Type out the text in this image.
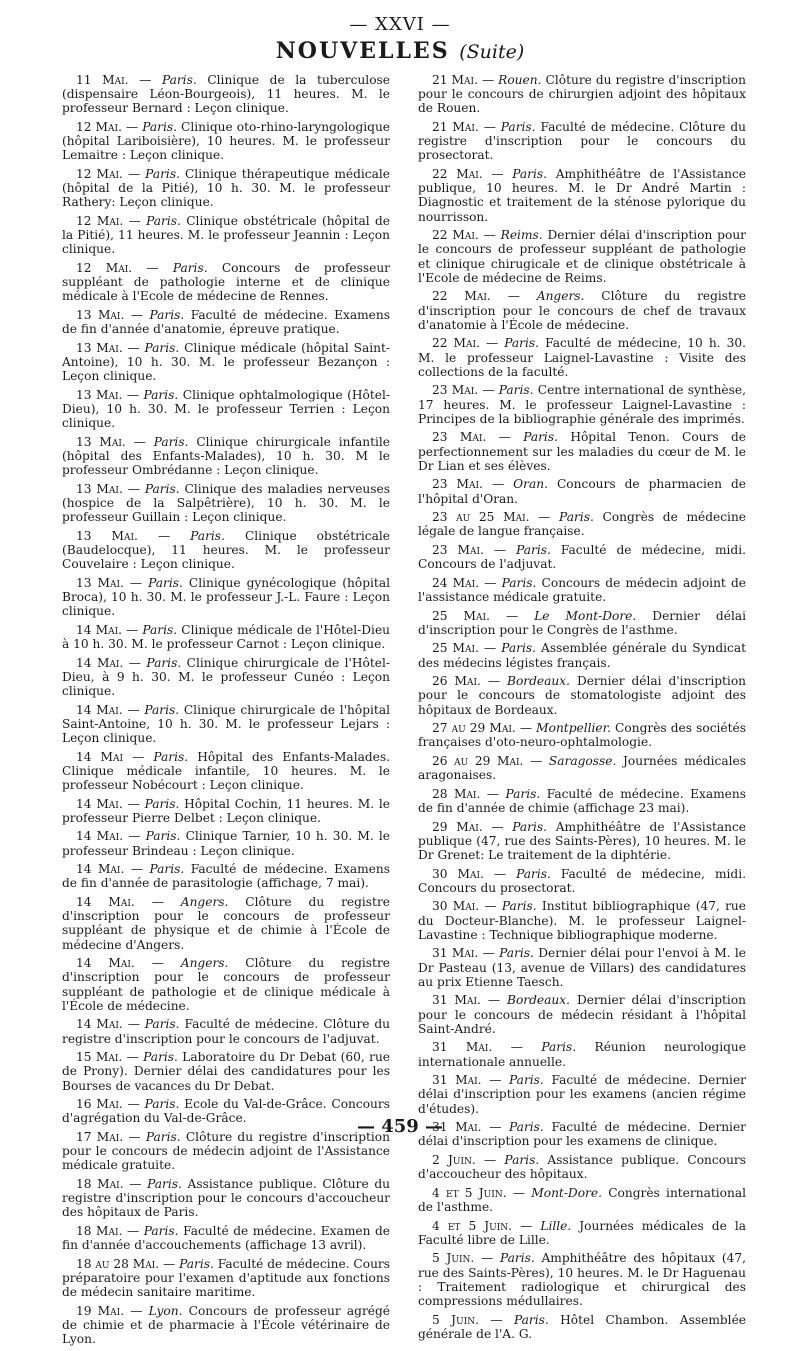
— XXVI —
NOUVELLES (Suite)

11 Mai. — Paris. Clinique de la tuberculose (dispensaire Léon-Bourgeois), 11 heures. M. le professeur Bernard : Leçon clinique.

12 Mai. — Paris. Clinique oto-rhino-laryngologique (hôpital Lariboisière), 10 heures. M. le professeur Lemaitre : Leçon clinique.

12 Mai. — Paris. Clinique thérapeutique médicale (hôpital de la Pitié), 10 h. 30. M. le professeur Rathery: Leçon clinique.

12 Mai. — Paris. Clinique obstétricale (hôpital de la Pitié), 11 heures. M. le professeur Jeannin : Leçon clinique.

12 Mai. — Paris. Concours de professeur suppléant de pathologie interne et de clinique médicale à l'Ecole de médecine de Rennes.

13 Mai. — Paris. Faculté de médecine. Examens de fin d'année d'anatomie, épreuve pratique.

13 Mai. — Paris. Clinique médicale (hôpital Saint-Antoine), 10 h. 30. M. le professeur Bezançon : Leçon clinique.

13 Mai. — Paris. Clinique ophtalmologique (Hôtel-Dieu), 10 h. 30. M. le professeur Terrien : Leçon clinique.

13 Mai. — Paris. Clinique chirurgicale infantile (hôpital des Enfants-Malades), 10 h. 30. M le professeur Ombrédanne : Leçon clinique.

13 Mai. — Paris. Clinique des maladies nerveuses (hospice de la Salpêtrière), 10 h. 30. M. le professeur Guillain : Leçon clinique.

13 Mai. — Paris. Clinique obstétricale (Baudelocque), 11 heures. M. le professeur Couvelaire : Leçon clinique.

13 Mai. — Paris. Clinique gynécologique (hôpital Broca), 10 h. 30. M. le professeur J.-L. Faure : Leçon clinique.

14 Mai. — Paris. Clinique médicale de l'Hôtel-Dieu à 10 h. 30. M. le professeur Carnot : Leçon clinique.

14 Mai. — Paris. Clinique chirurgicale de l'Hôtel-Dieu, à 9 h. 30. M. le professeur Cunéo : Leçon clinique.

14 Mai. — Paris. Clinique chirurgicale de l'hôpital Saint-Antoine, 10 h. 30. M. le professeur Lejars : Leçon clinique.

14 Mai — Paris. Hôpital des Enfants-Malades. Clinique médicale infantile, 10 heures. M. le professeur Nobécourt : Leçon clinique.

14 Mai. — Paris. Hôpital Cochin, 11 heures. M. le professeur Pierre Delbet : Leçon clinique.

14 Mai. — Paris. Clinique Tarnier, 10 h. 30. M. le professeur Brindeau : Leçon clinique.

14 Mai. — Paris. Faculté de médecine. Examens de fin d'année de parasitologie (affichage, 7 mai).

14 Mai. — Angers. Clôture du registre d'inscription pour le concours de professeur suppléant de physique et de chimie à l'École de médecine d'Angers.

14 Mai. — Angers. Clôture du registre d'inscription pour le concours de professeur suppléant de pathologie et de clinique médicale à l'École de médecine.

14 Mai. — Paris. Faculté de médecine. Clôture du registre d'inscription pour le concours de l'adjuvat.

15 Mai. — Paris. Laboratoire du Dr Debat (60, rue de Prony). Dernier délai des candidatures pour les Bourses de vacances du Dr Debat.

16 Mai. — Paris. Ecole du Val-de-Grâce. Concours d'agrégation du Val-de-Grâce.

17 Mai. — Paris. Clôture du registre d'inscription pour le concours de médecin adjoint de l'Assistance médicale gratuite.

18 Mai. — Paris. Assistance publique. Clôture du registre d'inscription pour le concours d'accoucheur des hôpitaux de Paris.

18 Mai. — Paris. Faculté de médecine. Examen de fin d'année d'accouchements (affichage 13 avril).

18 au 28 Mai. — Paris. Faculté de médecine. Cours préparatoire pour l'examen d'aptitude aux fonctions de médecin sanitaire maritime.

19 Mai. — Lyon. Concours de professeur agrégé de chimie et de pharmacie à l'École vétérinaire de Lyon.

21 Mai. — Rouen. Clôture du registre d'inscription pour le concours de chirurgien adjoint des hôpitaux de Rouen.

21 Mai. — Paris. Faculté de médecine. Clôture du registre d'inscription pour le concours du prosectorat.

22 Mai. — Paris. Amphithéâtre de l'Assistance publique, 10 heures. M. le Dr André Martin : Diagnostic et traitement de la sténose pylorique du nourrisson.

22 Mai. — Reims. Dernier délai d'inscription pour le concours de professeur suppléant de pathologie et clinique chirugicale et de clinique obstétricale à l'Ecole de médecine de Reims.

22 Mai. — Angers. Clôture du registre d'inscription pour le concours de chef de travaux d'anatomie à l'École de médecine.

22 Mai. — Paris. Faculté de médecine, 10 h. 30. M. le professeur Laignel-Lavastine : Visite des collections de la faculté.

23 Mai. — Paris. Centre international de synthèse, 17 heures. M. le professeur Laignel-Lavastine : Principes de la bibliographie générale des imprimés.

23 Mai. — Paris. Hôpital Tenon. Cours de perfectionnement sur les maladies du cœur de M. le Dr Lian et ses élèves.

23 Mai. — Oran. Concours de pharmacien de l'hôpital d'Oran.

23 au 25 Mai. — Paris. Congrès de médecine légale de langue française.

23 Mai. — Paris. Faculté de médecine, midi. Concours de l'adjuvat.

24 Mai. — Paris. Concours de médecin adjoint de l'assistance médicale gratuite.

25 Mai. — Le Mont-Dore. Dernier délai d'inscription pour le Congrès de l'asthme.

25 Mai. — Paris. Assemblée générale du Syndicat des médecins légistes français.

26 Mai. — Bordeaux. Dernier délai d'inscription pour le concours de stomatologiste adjoint des hôpitaux de Bordeaux.

27 au 29 Mai. — Montpellier. Congrès des sociétés françaises d'oto-neuro-ophtalmologie.

26 au 29 Mai. — Saragosse. Journées médicales aragonaises.

28 Mai. — Paris. Faculté de médecine. Examens de fin d'année de chimie (affichage 23 mai).

29 Mai. — Paris. Amphithéâtre de l'Assistance publique (47, rue des Saints-Pères), 10 heures. M. le Dr Grenet: Le traitement de la diphtérie.

30 Mai. — Paris. Faculté de médecine, midi. Concours du prosectorat.

30 Mai. — Paris. Institut bibliographique (47, rue du Docteur-Blanche). M. le professeur Laignel-Lavastine : Technique bibliographique moderne.

31 Mai. — Paris. Dernier délai pour l'envoi à M. le Dr Pasteau (13, avenue de Villars) des candidatures au prix Etienne Taesch.

31 Mai. — Bordeaux. Dernier délai d'inscription pour le concours de médecin résidant à l'hôpital Saint-André.

31 Mai. — Paris. Réunion neurologique internationale annuelle.

31 Mai. — Paris. Faculté de médecine. Dernier délai d'inscription pour les examens (ancien régime d'études).

31 Mai. — Paris. Faculté de médecine. Dernier délai d'inscription pour les examens de clinique.

2 Juin. — Paris. Assistance publique. Concours d'accoucheur des hôpitaux.

4 et 5 Juin. — Mont-Dore. Congrès international de l'asthme.

4 et 5 Juin. — Lille. Journées médicales de la Faculté libre de Lille.

5 Juin. — Paris. Amphithéâtre des hôpitaux (47, rue des Saints-Pères), 10 heures. M. le Dr Haguenau : Traitement radiologique et chirurgical des compressions médullaires.

5 Juin. — Paris. Hôtel Chambon. Assemblée générale de l'A. G.

— 459 —
